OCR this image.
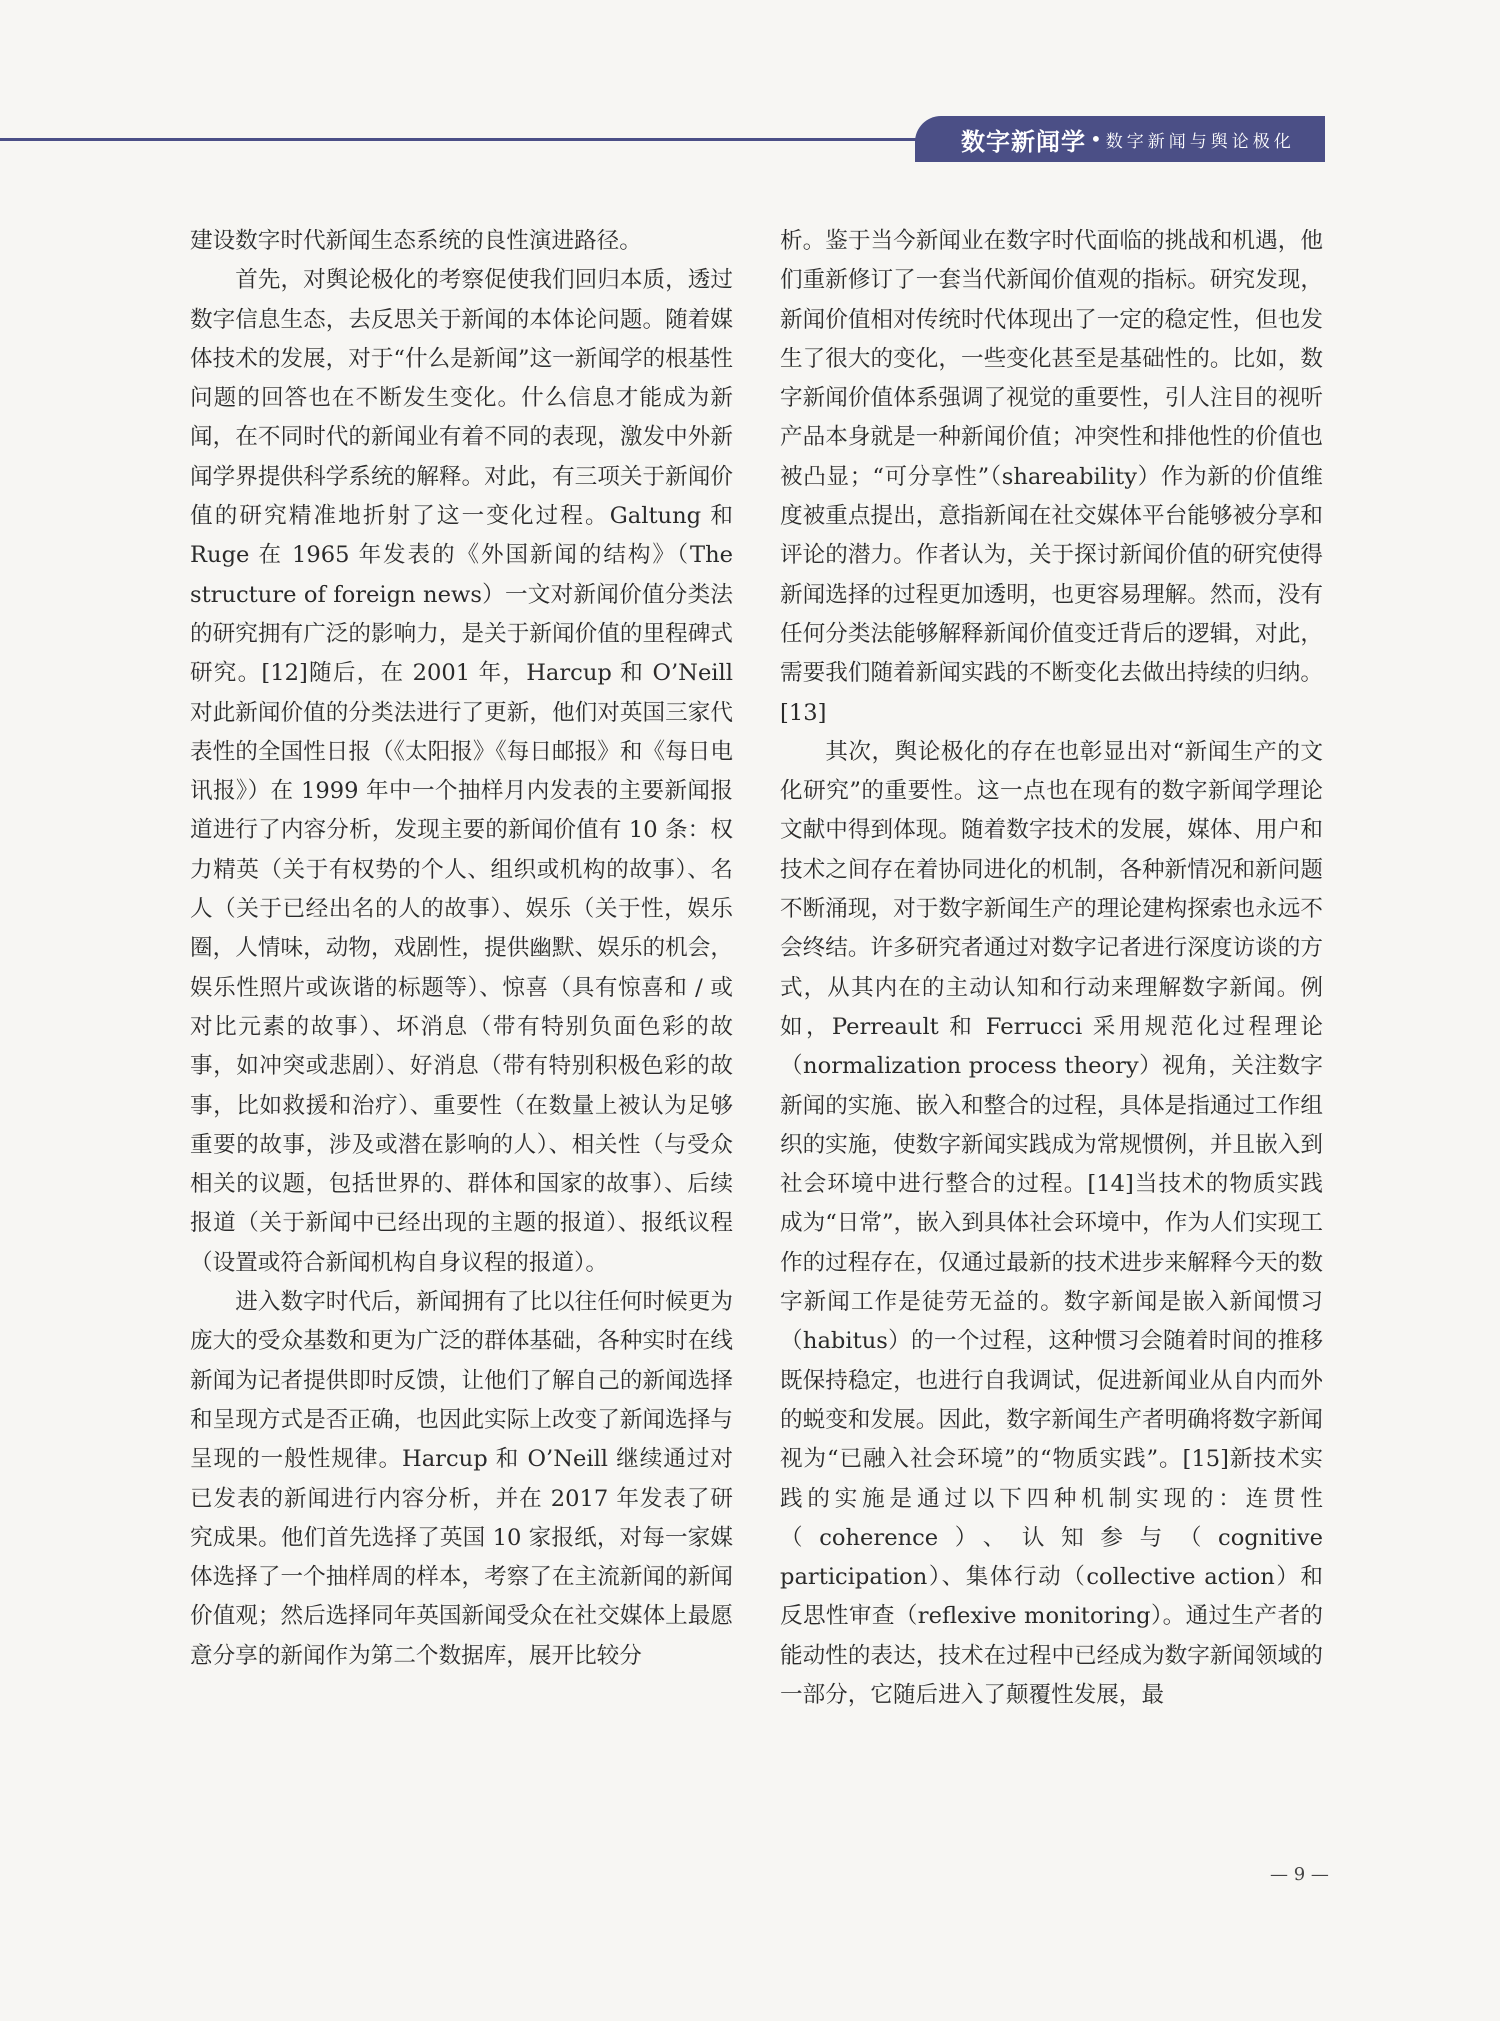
数字新闻学 • 数字新闻与舆论极化

建设数字时代新闻生态系统的良性演进路径。

首先，对舆论极化的考察促使我们回归本质，透过数字信息生态，去反思关于新闻的本体论问题。随着媒体技术的发展，对于“什么是新闻”这一新闻学的根基性问题的回答也在不断发生变化。什么信息才能成为新闻，在不同时代的新闻业有着不同的表现，激发中外新闻学界提供科学系统的解释。对此，有三项关于新闻价值的研究精准地折射了这一变化过程。Galtung 和 Ruge 在 1965 年发表的《外国新闻的结构》（The structure of foreign news）一文对新闻价值分类法的研究拥有广泛的影响力，是关于新闻价值的里程碑式研究。[12]随后，在 2001 年，Harcup 和 O’Neill 对此新闻价值的分类法进行了更新，他们对英国三家代表性的全国性日报（《太阳报》《每日邮报》和《每日电讯报》）在 1999 年中一个抽样月内发表的主要新闻报道进行了内容分析，发现主要的新闻价值有 10 条：权力精英（关于有权势的个人、组织或机构的故事）、名人（关于已经出名的人的故事）、娱乐（关于性，娱乐圈，人情味，动物，戏剧性，提供幽默、娱乐的机会，娱乐性照片或诙谐的标题等）、惊喜（具有惊喜和 / 或对比元素的故事）、坏消息（带有特别负面色彩的故事，如冲突或悲剧）、好消息（带有特别积极色彩的故事，比如救援和治疗）、重要性（在数量上被认为足够重要的故事，涉及或潜在影响的人）、相关性（与受众相关的议题，包括世界的、群体和国家的故事）、后续报道（关于新闻中已经出现的主题的报道）、报纸议程（设置或符合新闻机构自身议程的报道）。

进入数字时代后，新闻拥有了比以往任何时候更为庞大的受众基数和更为广泛的群体基础，各种实时在线新闻为记者提供即时反馈，让他们了解自己的新闻选择和呈现方式是否正确，也因此实际上改变了新闻选择与呈现的一般性规律。Harcup 和 O’Neill 继续通过对已发表的新闻进行内容分析，并在 2017 年发表了研究成果。他们首先选择了英国 10 家报纸，对每一家媒体选择了一个抽样周的样本，考察了在主流新闻的新闻价值观；然后选择同年英国新闻受众在社交媒体上最愿意分享的新闻作为第二个数据库，展开比较分

析。鉴于当今新闻业在数字时代面临的挑战和机遇，他们重新修订了一套当代新闻价值观的指标。研究发现，新闻价值相对传统时代体现出了一定的稳定性，但也发生了很大的变化，一些变化甚至是基础性的。比如，数字新闻价值体系强调了视觉的重要性，引人注目的视听产品本身就是一种新闻价值；冲突性和排他性的价值也被凸显；“可分享性”（shareability）作为新的价值维度被重点提出，意指新闻在社交媒体平台能够被分享和评论的潜力。作者认为，关于探讨新闻价值的研究使得新闻选择的过程更加透明，也更容易理解。然而，没有任何分类法能够解释新闻价值变迁背后的逻辑，对此，需要我们随着新闻实践的不断变化去做出持续的归纳。[13]

其次，舆论极化的存在也彰显出对“新闻生产的文化研究”的重要性。这一点也在现有的数字新闻学理论文献中得到体现。随着数字技术的发展，媒体、用户和技术之间存在着协同进化的机制，各种新情况和新问题不断涌现，对于数字新闻生产的理论建构探索也永远不会终结。许多研究者通过对数字记者进行深度访谈的方式，从其内在的主动认知和行动来理解数字新闻。例如，Perreault 和 Ferrucci 采用规范化过程理论（normalization process theory）视角，关注数字新闻的实施、嵌入和整合的过程，具体是指通过工作组织的实施，使数字新闻实践成为常规惯例，并且嵌入到社会环境中进行整合的过程。[14]当技术的物质实践成为“日常”，嵌入到具体社会环境中，作为人们实现工作的过程存在，仅通过最新的技术进步来解释今天的数字新闻工作是徒劳无益的。数字新闻是嵌入新闻惯习（habitus）的一个过程，这种惯习会随着时间的推移既保持稳定，也进行自我调试，促进新闻业从自内而外的蜕变和发展。因此，数字新闻生产者明确将数字新闻视为“已融入社会环境”的“物质实践”。[15]新技术实践的实施是通过以下四种机制实现的：连贯性（coherence）、认知参与（cognitive participation）、集体行动（collective action）和反思性审查（reflexive monitoring）。通过生产者的能动性的表达，技术在过程中已经成为数字新闻领域的一部分，它随后进入了颠覆性发展，最

— 9 —
